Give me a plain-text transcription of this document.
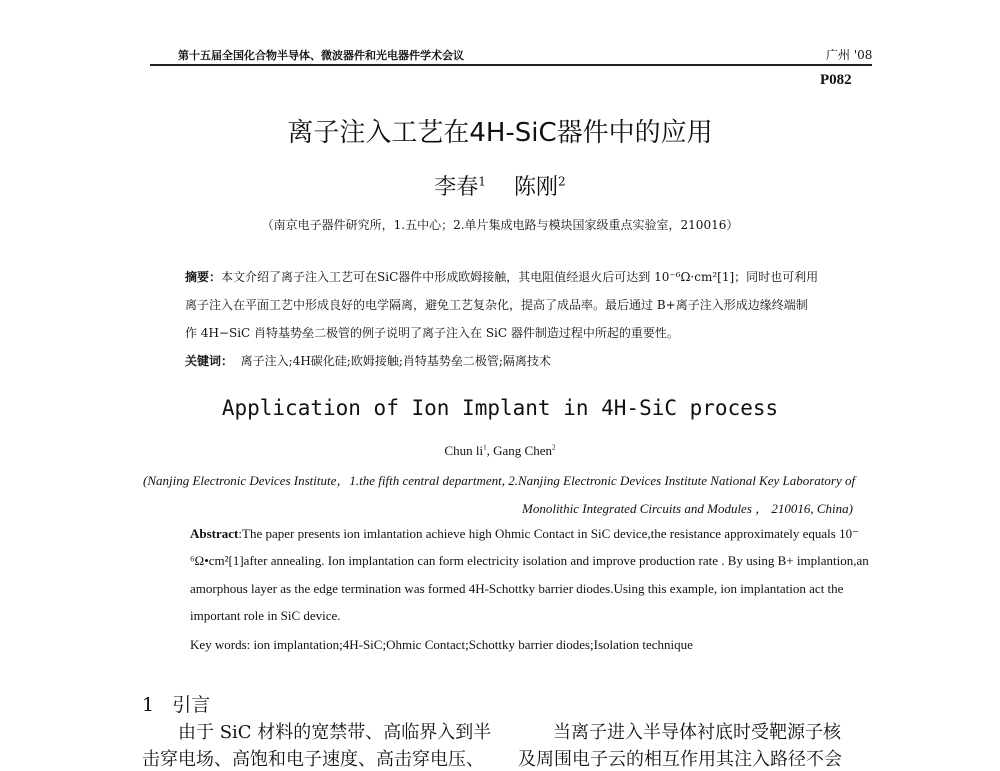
第十五届全国化合物半导体、微波器件和光电器件学术会议	广州 '08
P082
离子注入工艺在4H-SiC器件中的应用
李春$^1$ 陈刚$^2$
（南京电子器件研究所，1.五中心；2.单片集成电路与模块国家级重点实验室，210016）
摘要：本文介绍了离子注入工艺可在SiC器件中形成欧姆接触，其电阻值经退火后可达到 10⁻⁶Ω·cm²[1]；同时也可利用
离子注入在平面工艺中形成良好的电学隔离，避免工艺复杂化，提高了成品率。最后通过 B+离子注入形成边缘终端制
作 4H−SiC 肖特基势垒二极管的例子说明了离子注入在 SiC 器件制造过程中所起的重要性。
关键词： 离子注入;4H碳化硅;欧姆接触;肖特基势垒二极管;隔离技术
Application of Ion Implant in 4H-SiC process
Chun $li^1$, Gang Chen$^2$
(Nanjing Electronic Devices Institute，1.the fifth central department, 2.Nanjing Electronic Devices Institute National Key Laboratory of
Monolithic Integrated Circuits and Modules ， 210016, China)
Abstract:The paper presents ion imlantation achieve high Ohmic Contact in SiC device,the resistance approximately equals 10⁻
⁶Ω•cm²[1]after annealing. Ion implantation can form electricity isolation and improve production rate . By using B+ implantion,an
amorphous layer as the edge termination was formed 4H-Schottky barrier diodes.Using this example, ion implantation act the
important role in SiC device.
Key words: ion implantation;4H-SiC;Ohmic Contact;Schottky barrier diodes;Isolation technique
1 引言
由于 SiC 材料的宽禁带、高临界入到半
击穿电场、高饱和电子速度、高击穿电压、
当离子进入半导体衬底时受靶源子核
及周围电子云的相互作用其注入路径不会
